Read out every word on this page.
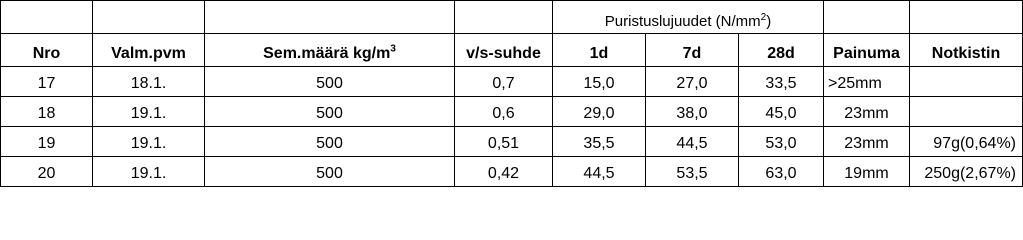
				Puristuslujuudet $(N/mm^2)$				
Nro	Valm.pvm	Sem.määrä $kg/m^3$	v/s-suhde	1d	7d	28d	Painuma	Notkistin
17	18.1.	500	0,7	15,0	27,0	33,5	>25mm	
18	19.1.	500	0,6	29,0	38,0	45,0	23mm	
19	19.1.	500	0,51	35,5	44,5	53,0	23mm	97g(0,64%)
20	19.1.	500	0,42	44,5	53,5	63,0	19mm	250g(2,67%)
